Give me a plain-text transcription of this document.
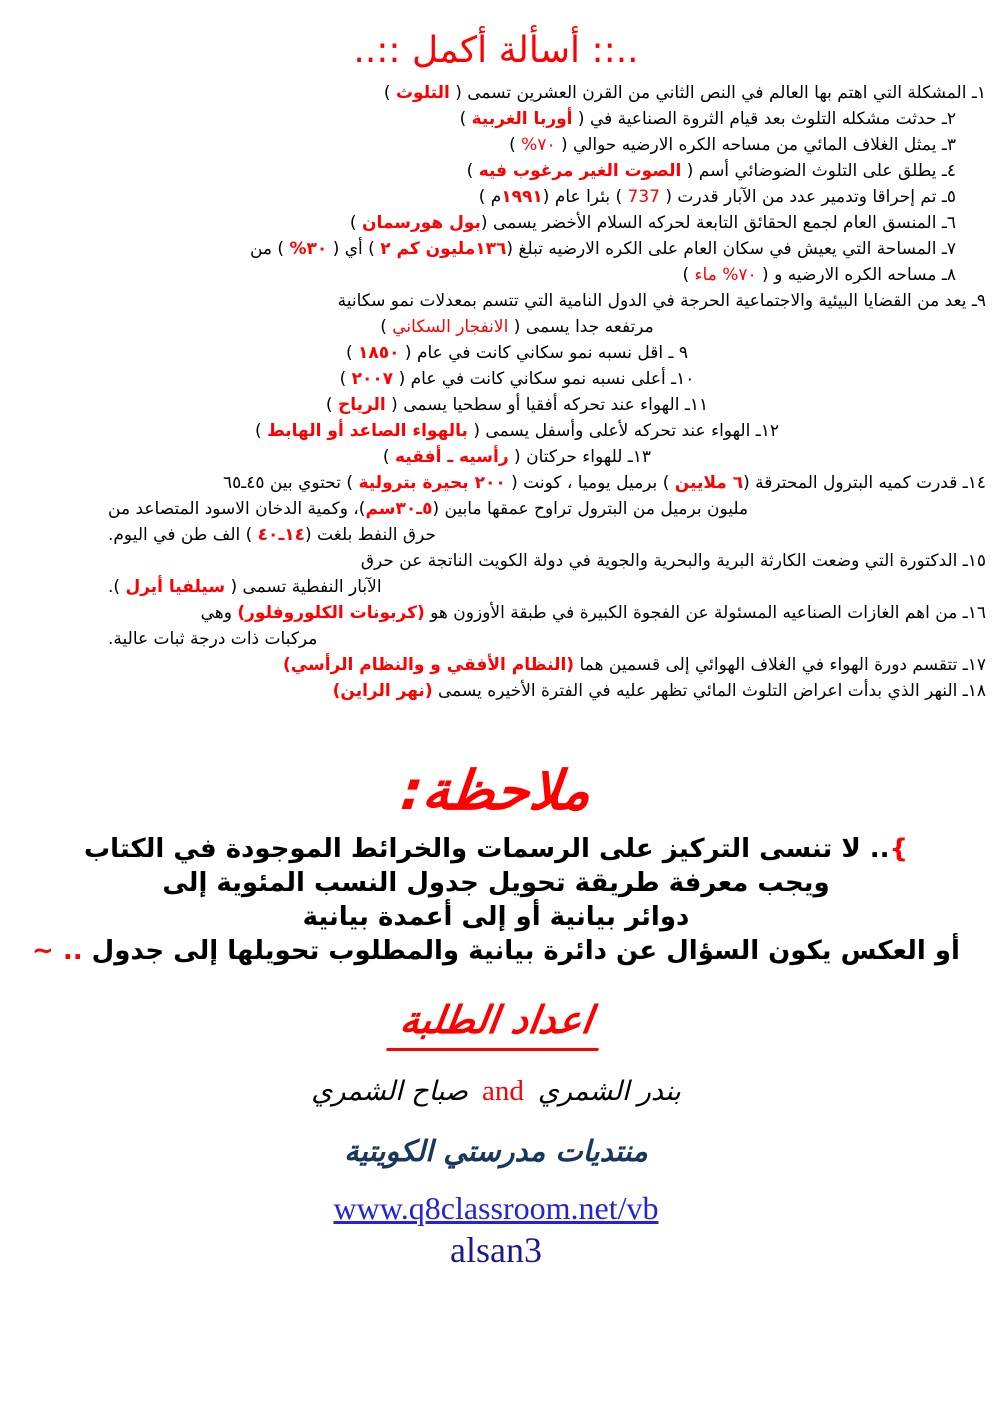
..:: أسألة أكمل ::..
١ـ المشكلة التي اهتم بها العالم في النص الثاني من القرن العشرين تسمى ( التلوث )
٢ـ حدثت مشكله التلوث بعد قيام الثروة الصناعية في ( أوربا الغربية )
٣ـ يمثل الغلاف المائي من مساحه الكره الارضيه حوالي ( ٧٠% )
٤ـ يطلق على التلوث الضوضائي أسم ( الصوت الغير مرغوب فيه )
٥ـ تم إحراقا وتدمير عدد من الآبار قدرت ( 737 ) بئرا عام (١٩٩١م )
٦ـ المنسق العام لجمع الحقائق التابعة لحركه السلام الأخضر يسمى (بول هورسمان )
٧ـ المساحة التي يعيش في سكان العام على الكره الارضيه تبلغ (١٣٦مليون كم ٢ ) أي ( ٣٠% ) من
٨ـ مساحه الكره الارضيه و ( ٧٠% ماء )
٩ـ يعد من القضايا البيئية والاجتماعية الحرجة في الدول النامية التي تتسم بمعدلات نمو سكانية
مرتفعه جدا يسمى ( الانفجار السكاني )
٩ ـ اقل نسبه نمو سكاني كانت في عام ( ١٨٥٠ )
١٠ـ أعلى نسبه نمو سكاني كانت في عام ( ٢٠٠٧ )
١١ـ الهواء عند تحركه أفقيا أو سطحيا يسمى ( الرياح )
١٢ـ الهواء عند تحركه لأعلى وأسفل يسمى ( بالهواء الصاعد أو الهابط )
١٣ـ للهواء حركتان ( رأسيه ـ أفقيه )
١٤ـ قدرت كميه البترول المحترقة (٦ ملايين ) برميل يوميا ، كونت ( ٢٠٠ بحيرة بترولية ) تحتوي بين ٤٥ـ٦٥
مليون برميل من البترول تراوح عمقها مابين (٥ـ٣٠سم)، وكمية الدخان الاسود المتصاعد من
حرق النفط بلغت (١٤ـ٤٠ ) الف طن في اليوم.
١٥ـ الدكتورة التي وضعت الكارثة البرية والبحرية والجوية في دولة الكويت الناتجة عن حرق
الآبار النفطية تسمى ( سيلفيا أيرل ).
١٦ـ من اهم الغازات الصناعيه المسئولة عن الفجوة الكبيرة في طبقة الأوزون هو (كربونات الكلوروفلور) وهي
مركبات ذات درجة ثبات عالية.
١٧ـ تتقسم دورة الهواء في الغلاف الهوائي إلى قسمين هما (النظام الأفقي و والنظام الرأسي)
١٨ـ النهر الذي بدأت اعراض التلوث المائي تظهر عليه في الفترة الأخيره يسمى (نهر الراين)
ملاحظة:
{.. لا تنسى التركيز على الرسمات والخرائط الموجودة في الكتاب
ويجب معرفة طريقة تحويل جدول النسب المئوية إلى
دوائر بيانية أو إلى أعمدة بيانية
أو العكس يكون السؤال عن دائرة بيانية والمطلوب تحويلها إلى جدول .. ~
اعداد الطلبة
بندر الشمريandصباح الشمري
منتديات مدرستي الكويتية
www.q8classroom.net/vb
alsan3
